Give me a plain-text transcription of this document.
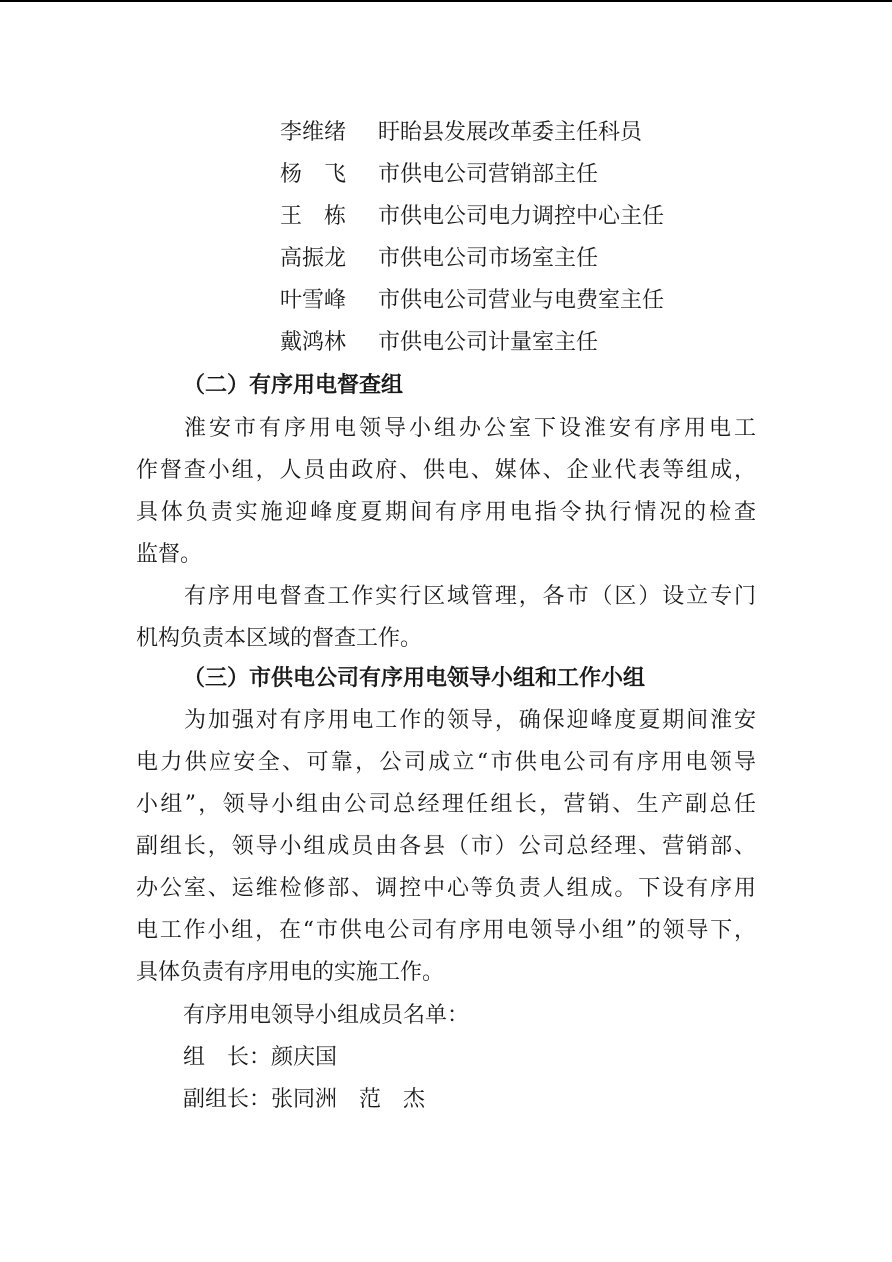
李维绪 盱眙县发展改革委主任科员
杨　飞 市供电公司营销部主任
王　栋 市供电公司电力调控中心主任
高振龙 市供电公司市场室主任
叶雪峰 市供电公司营业与电费室主任
戴鸿林 市供电公司计量室主任
（二）有序用电督查组
淮安市有序用电领导小组办公室下设淮安有序用电工
作督查小组，人员由政府、供电、媒体、企业代表等组成，
具体负责实施迎峰度夏期间有序用电指令执行情况的检查
监督。
有序用电督查工作实行区域管理，各市（区）设立专门
机构负责本区域的督查工作。
（三）市供电公司有序用电领导小组和工作小组
为加强对有序用电工作的领导，确保迎峰度夏期间淮安
电力供应安全、可靠，公司成立“市供电公司有序用电领导
小组”，领导小组由公司总经理任组长，营销、生产副总任
副组长，领导小组成员由各县（市）公司总经理、营销部、
办公室、运维检修部、调控中心等负责人组成。下设有序用
电工作小组，在“市供电公司有序用电领导小组”的领导下，
具体负责有序用电的实施工作。
有序用电领导小组成员名单：
组　长：颜庆国
副组长：张同洲　范　杰
